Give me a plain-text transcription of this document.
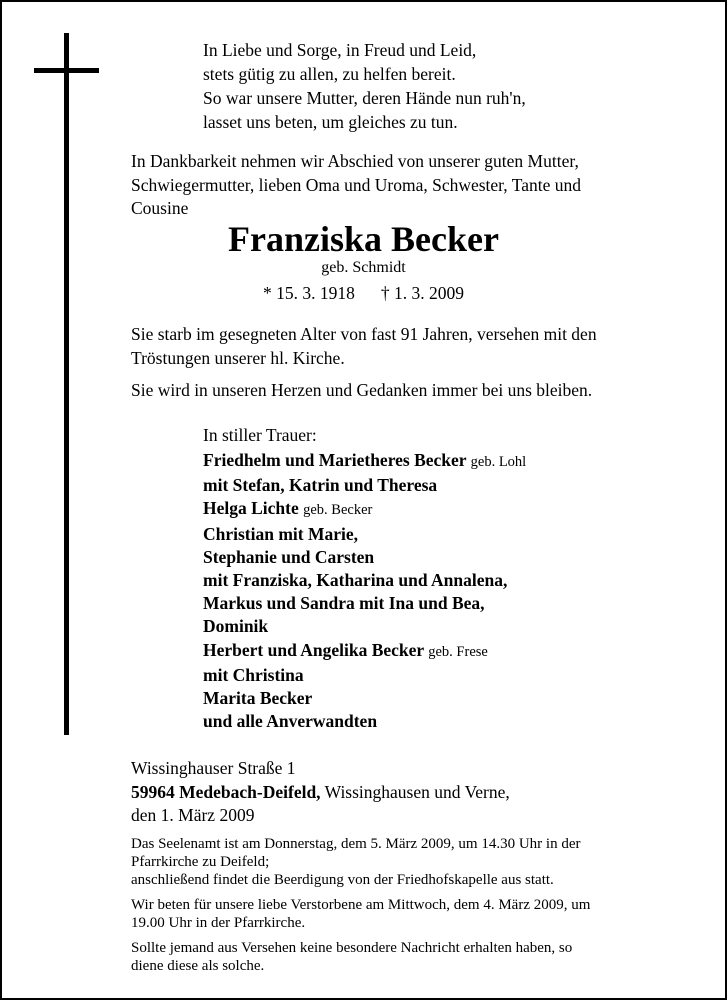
In Liebe und Sorge, in Freud und Leid,
stets gütig zu allen, zu helfen bereit.
So war unsere Mutter, deren Hände nun ruh'n,
lasset uns beten, um gleiches zu tun.
In Dankbarkeit nehmen wir Abschied von unserer guten Mutter,
Schwiegermutter, lieben Oma und Uroma, Schwester, Tante und
Cousine
Franziska Becker
geb. Schmidt
* 15. 3. 1918 † 1. 3. 2009
Sie starb im gesegneten Alter von fast 91 Jahren, versehen mit den
Tröstungen unserer hl. Kirche.
Sie wird in unseren Herzen und Gedanken immer bei uns bleiben.
In stiller Trauer:
Friedhelm und Marietheres Becker geb. Lohl
mit Stefan, Katrin und Theresa
Helga Lichte geb. Becker
Christian mit Marie,
Stephanie und Carsten
mit Franziska, Katharina und Annalena,
Markus und Sandra mit Ina und Bea,
Dominik
Herbert und Angelika Becker geb. Frese
mit Christina
Marita Becker
und alle Anverwandten
Wissinghauser Straße 1
59964 Medebach-Deifeld, Wissinghausen und Verne,
den 1. März 2009

Das Seelenamt ist am Donnerstag, dem 5. März 2009, um 14.30 Uhr in der
Pfarrkirche zu Deifeld;
anschließend findet die Beerdigung von der Friedhofskapelle aus statt.

Wir beten für unsere liebe Verstorbene am Mittwoch, dem 4. März 2009, um
19.00 Uhr in der Pfarrkirche.

Sollte jemand aus Versehen keine besondere Nachricht erhalten haben, so
diene diese als solche.
